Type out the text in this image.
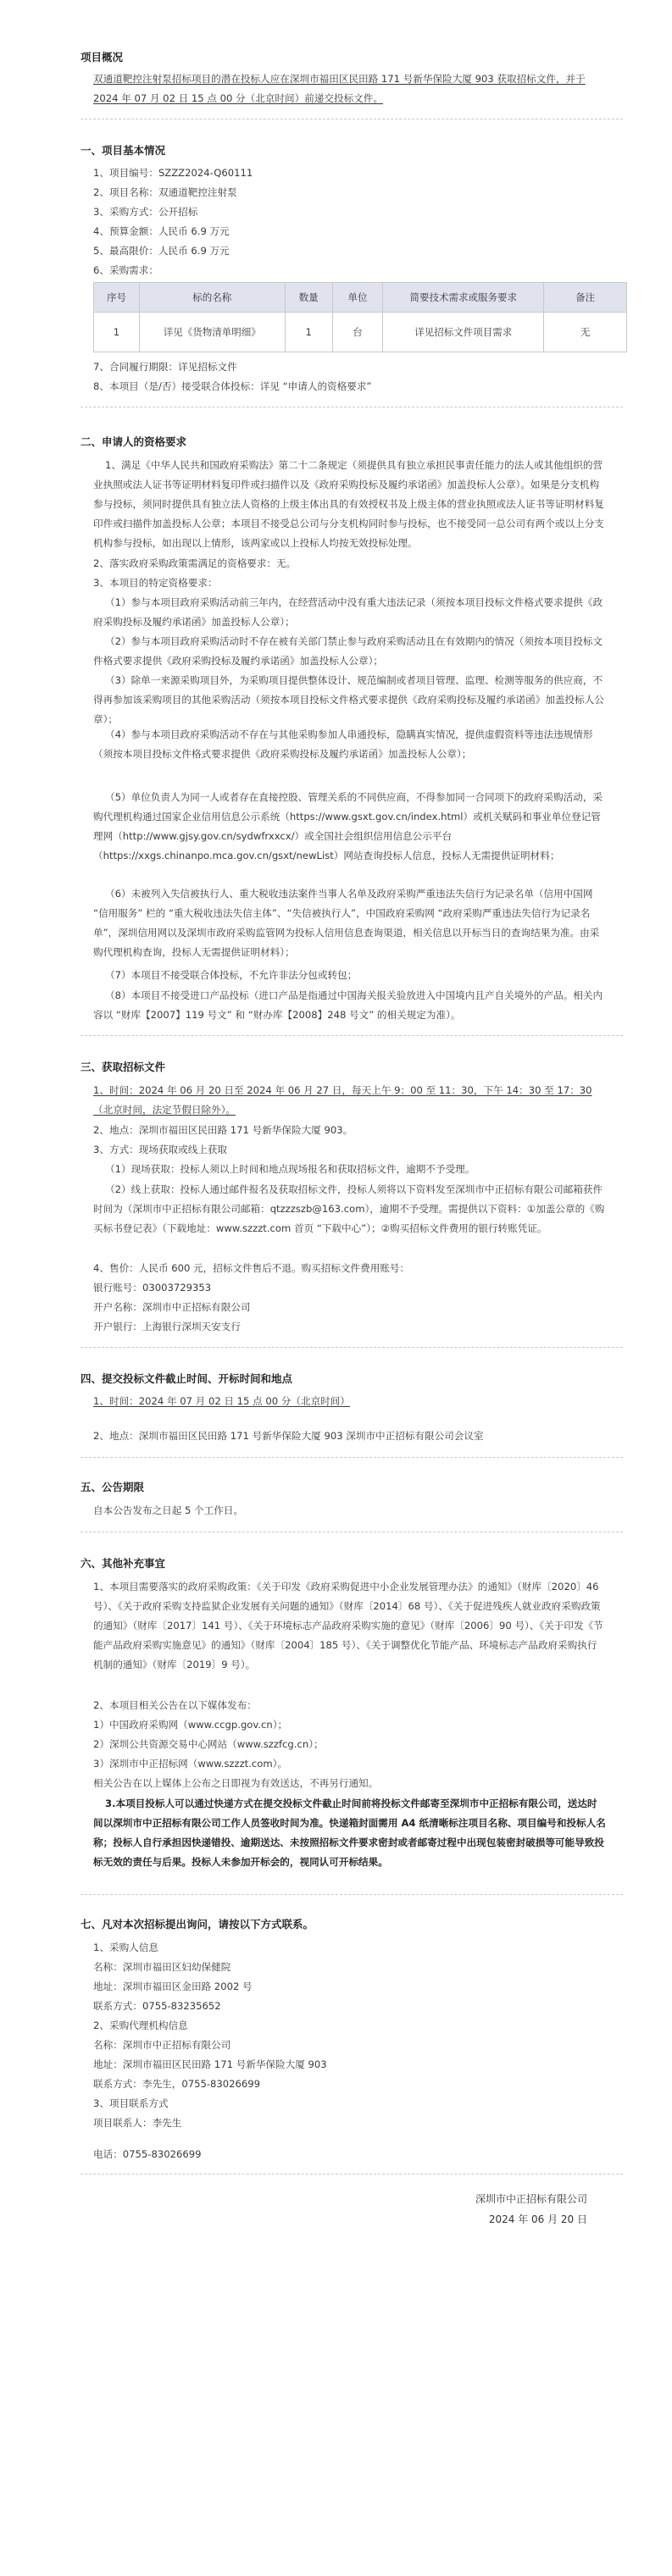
项目概况
双通道靶控注射泵招标项目的潜在投标人应在深圳市福田区民田路 171 号新华保险大厦 903 获取招标文件，并于 2024 年 07 月 02 日 15 点 00 分（北京时间）前递交投标文件。
一、项目基本情况
1、项目编号：SZZZ2024-Q60111
2、项目名称：双通道靶控注射泵
3、采购方式：公开招标
4、预算金额：人民币 6.9 万元
5、最高限价：人民币 6.9 万元
6、采购需求：
序号	标的名称	数量	单位	简要技术需求或服务要求	备注
1	详见《货物清单明细》	1	台	详见招标文件项目需求	无
7、合同履行期限：详见招标文件
8、本项目（是/否）接受联合体投标：详见 “申请人的资格要求”
二、申请人的资格要求
1、满足《中华人民共和国政府采购法》第二十二条规定（须提供具有独立承担民事责任能力的法人或其他组织的营业执照或法人证书等证明材料复印件或扫描件以及《政府采购投标及履约承诺函》加盖投标人公章）。如果是分支机构参与投标，须同时提供具有独立法人资格的上级主体出具的有效授权书及上级主体的营业执照或法人证书等证明材料复印件或扫描件加盖投标人公章；本项目不接受总公司与分支机构同时参与投标，也不接受同一总公司有两个或以上分支机构参与投标，如出现以上情形，该两家或以上投标人均按无效投标处理。
2、落实政府采购政策需满足的资格要求：无。
3、本项目的特定资格要求：
（1）参与本项目政府采购活动前三年内，在经营活动中没有重大违法记录（须按本项目投标文件格式要求提供《政府采购投标及履约承诺函》加盖投标人公章）；
（2）参与本项目政府采购活动时不存在被有关部门禁止参与政府采购活动且在有效期内的情况（须按本项目投标文件格式要求提供《政府采购投标及履约承诺函》加盖投标人公章）；
（3）除单一来源采购项目外，为采购项目提供整体设计、规范编制或者项目管理、监理、检测等服务的供应商，不得再参加该采购项目的其他采购活动（须按本项目投标文件格式要求提供《政府采购投标及履约承诺函》加盖投标人公章）；
（4）参与本项目政府采购活动不存在与其他采购参加人串通投标，隐瞒真实情况，提供虚假资料等违法违规情形（须按本项目投标文件格式要求提供《政府采购投标及履约承诺函》加盖投标人公章）；
（5）单位负责人为同一人或者存在直接控股、管理关系的不同供应商，不得参加同一合同项下的政府采购活动，采购代理机构通过国家企业信用信息公示系统（https://www.gsxt.gov.cn/index.html）或机关赋码和事业单位登记管理网（http://www.gjsy.gov.cn/sydwfrxxcx/）或全国社会组织信用信息公示平台（https://xxgs.chinanpo.mca.gov.cn/gsxt/newList）网站查询投标人信息，投标人无需提供证明材料；
（6）未被列入失信被执行人、重大税收违法案件当事人名单及政府采购严重违法失信行为记录名单（信用中国网 “信用服务” 栏的 “重大税收违法失信主体”、“失信被执行人”，中国政府采购网 “政府采购严重违法失信行为记录名单”，深圳信用网以及深圳市政府采购监管网为投标人信用信息查询渠道，相关信息以开标当日的查询结果为准。由采购代理机构查询，投标人无需提供证明材料）；
（7）本项目不接受联合体投标，不允许非法分包或转包；
（8）本项目不接受进口产品投标（进口产品是指通过中国海关报关验放进入中国境内且产自关境外的产品。相关内容以 “财库【2007】119 号文” 和 “财办库【2008】248 号文” 的相关规定为准）。
三、获取招标文件
1、时间：2024 年 06 月 20 日至 2024 年 06 月 27 日，每天上午 9：00 至 11：30，下午 14：30 至 17：30（北京时间，法定节假日除外）。
2、地点：深圳市福田区民田路 171 号新华保险大厦 903。
3、方式：现场获取或线上获取
（1）现场获取：投标人须以上时间和地点现场报名和获取招标文件，逾期不予受理。
（2）线上获取：投标人通过邮件报名及获取招标文件，投标人须将以下资料发至深圳市中正招标有限公司邮箱获件时间为（深圳市中正招标有限公司邮箱：qtzzzszb@163.com），逾期不予受理。需提供以下资料：①加盖公章的《购买标书登记表》（下载地址：www.szzzt.com 首页 “下载中心”）；②购买招标文件费用的银行转账凭证。
4、售价：人民币 600 元，招标文件售后不退。购买招标文件费用账号：
银行账号：03003729353
开户名称：深圳市中正招标有限公司
开户银行：上海银行深圳天安支行
四、提交投标文件截止时间、开标时间和地点
1、时间：2024 年 07 月 02 日 15 点 00 分（北京时间）
2、地点：深圳市福田区民田路 171 号新华保险大厦 903 深圳市中正招标有限公司会议室
五、公告期限
自本公告发布之日起 5 个工作日。
六、其他补充事宜
1、本项目需要落实的政府采购政策：《关于印发《政府采购促进中小企业发展管理办法》的通知》（财库〔2020〕46 号）、《关于政府采购支持监狱企业发展有关问题的通知》（财库〔2014〕68 号）、《关于促进残疾人就业政府采购政策的通知》（财库〔2017〕141 号）、《关于环境标志产品政府采购实施的意见》（财库〔2006〕90 号）、《关于印发《节能产品政府采购实施意见》的通知》（财库〔2004〕185 号）、《关于调整优化节能产品、环境标志产品政府采购执行机制的通知》（财库〔2019〕9 号）。
2、本项目相关公告在以下媒体发布：
1）中国政府采购网（www.ccgp.gov.cn）；
2）深圳公共资源交易中心网站（www.szzfcg.cn）；
3）深圳市中正招标网（www.szzzt.com）。
相关公告在以上媒体上公布之日即视为有效送达，不再另行通知。
3.本项目投标人可以通过快递方式在提交投标文件截止时间前将投标文件邮寄至深圳市中正招标有限公司，送达时间以深圳市中正招标有限公司工作人员签收时间为准。快递箱封面需用 A4 纸清晰标注项目名称、项目编号和投标人名称；投标人自行承担因快递错投、逾期送达、未按照招标文件要求密封或者邮寄过程中出现包装密封破损等可能导致投标无效的责任与后果。投标人未参加开标会的，视同认可开标结果。
七、凡对本次招标提出询问，请按以下方式联系。
1、采购人信息
名称：深圳市福田区妇幼保健院
地址：深圳市福田区金田路 2002 号
联系方式：0755-83235652
2、采购代理机构信息
名称：深圳市中正招标有限公司
地址：深圳市福田区民田路 171 号新华保险大厦 903
联系方式：李先生，0755-83026699
3、项目联系方式
项目联系人：李先生
电话：0755-83026699
深圳市中正招标有限公司
2024 年 06 月 20 日
